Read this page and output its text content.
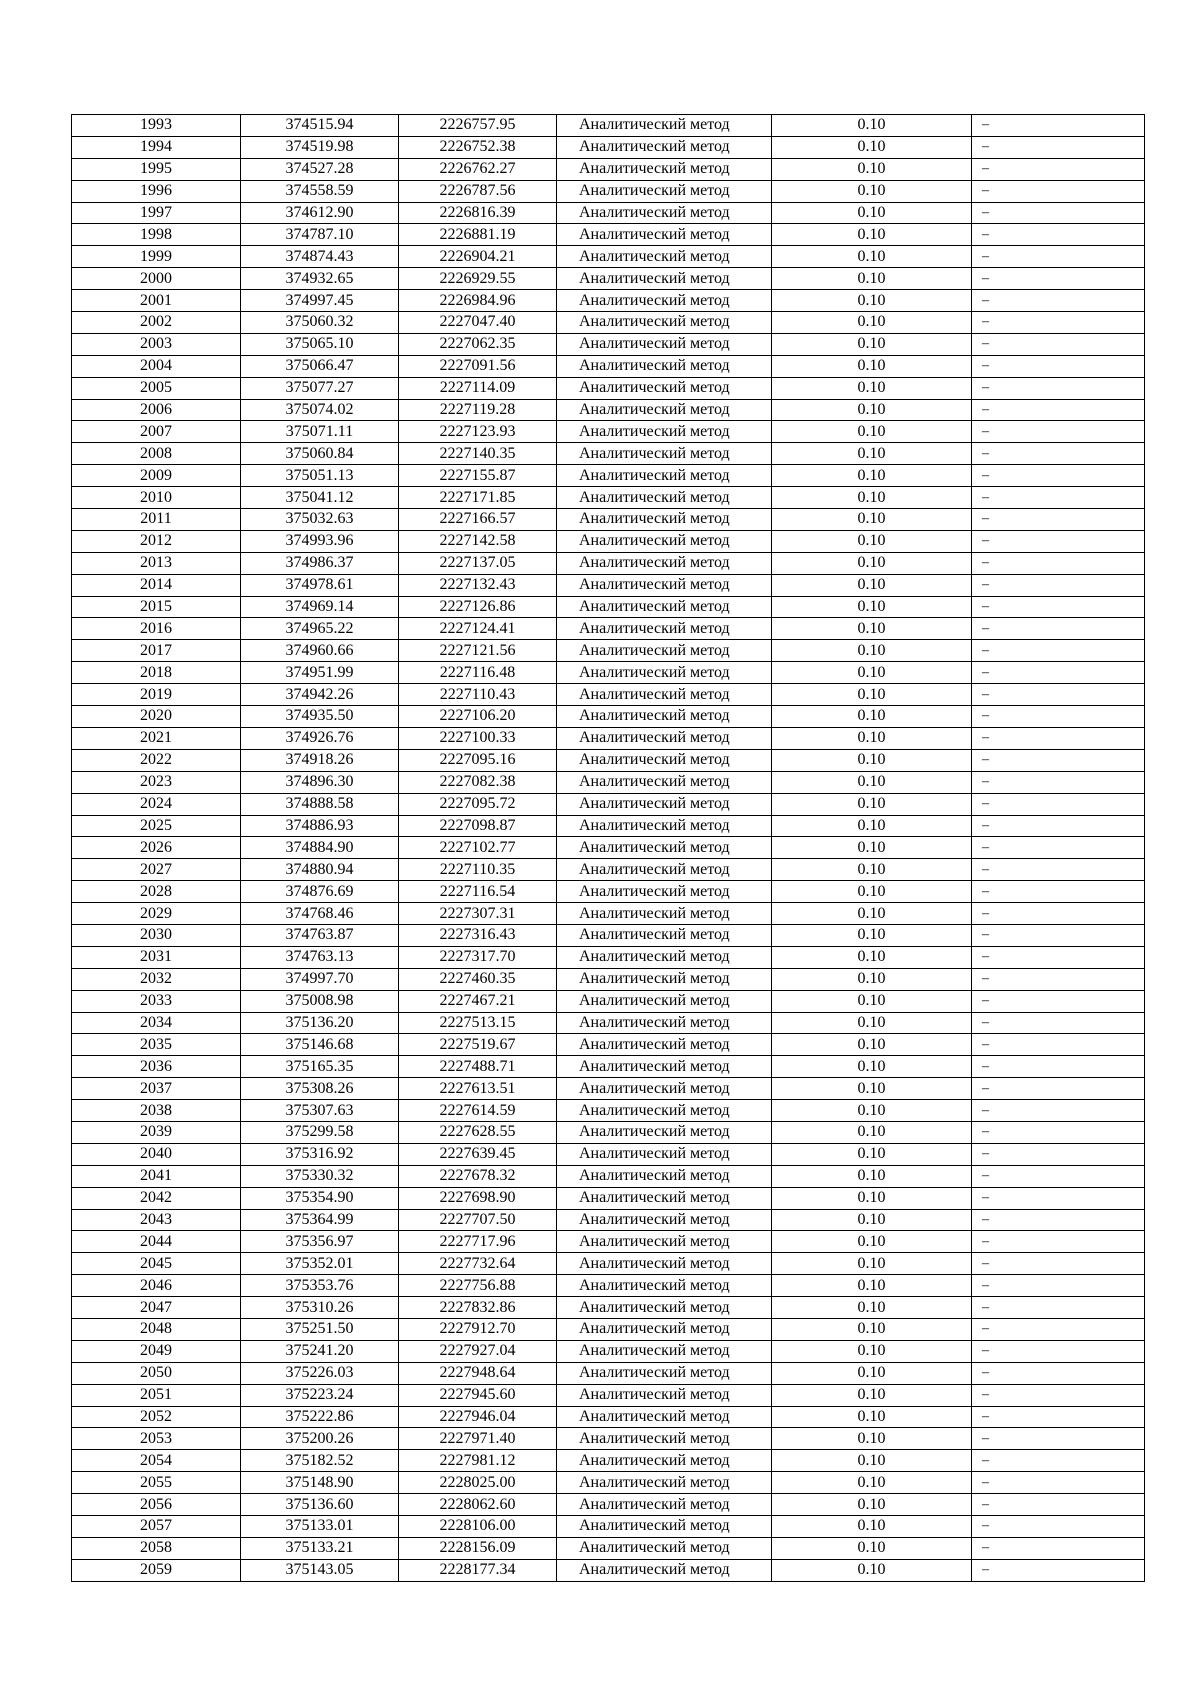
1993	374515.94	2226757.95	Аналитический метод	0.10	–
1994	374519.98	2226752.38	Аналитический метод	0.10	–
1995	374527.28	2226762.27	Аналитический метод	0.10	–
1996	374558.59	2226787.56	Аналитический метод	0.10	–
1997	374612.90	2226816.39	Аналитический метод	0.10	–
1998	374787.10	2226881.19	Аналитический метод	0.10	–
1999	374874.43	2226904.21	Аналитический метод	0.10	–
2000	374932.65	2226929.55	Аналитический метод	0.10	–
2001	374997.45	2226984.96	Аналитический метод	0.10	–
2002	375060.32	2227047.40	Аналитический метод	0.10	–
2003	375065.10	2227062.35	Аналитический метод	0.10	–
2004	375066.47	2227091.56	Аналитический метод	0.10	–
2005	375077.27	2227114.09	Аналитический метод	0.10	–
2006	375074.02	2227119.28	Аналитический метод	0.10	–
2007	375071.11	2227123.93	Аналитический метод	0.10	–
2008	375060.84	2227140.35	Аналитический метод	0.10	–
2009	375051.13	2227155.87	Аналитический метод	0.10	–
2010	375041.12	2227171.85	Аналитический метод	0.10	–
2011	375032.63	2227166.57	Аналитический метод	0.10	–
2012	374993.96	2227142.58	Аналитический метод	0.10	–
2013	374986.37	2227137.05	Аналитический метод	0.10	–
2014	374978.61	2227132.43	Аналитический метод	0.10	–
2015	374969.14	2227126.86	Аналитический метод	0.10	–
2016	374965.22	2227124.41	Аналитический метод	0.10	–
2017	374960.66	2227121.56	Аналитический метод	0.10	–
2018	374951.99	2227116.48	Аналитический метод	0.10	–
2019	374942.26	2227110.43	Аналитический метод	0.10	–
2020	374935.50	2227106.20	Аналитический метод	0.10	–
2021	374926.76	2227100.33	Аналитический метод	0.10	–
2022	374918.26	2227095.16	Аналитический метод	0.10	–
2023	374896.30	2227082.38	Аналитический метод	0.10	–
2024	374888.58	2227095.72	Аналитический метод	0.10	–
2025	374886.93	2227098.87	Аналитический метод	0.10	–
2026	374884.90	2227102.77	Аналитический метод	0.10	–
2027	374880.94	2227110.35	Аналитический метод	0.10	–
2028	374876.69	2227116.54	Аналитический метод	0.10	–
2029	374768.46	2227307.31	Аналитический метод	0.10	–
2030	374763.87	2227316.43	Аналитический метод	0.10	–
2031	374763.13	2227317.70	Аналитический метод	0.10	–
2032	374997.70	2227460.35	Аналитический метод	0.10	–
2033	375008.98	2227467.21	Аналитический метод	0.10	–
2034	375136.20	2227513.15	Аналитический метод	0.10	–
2035	375146.68	2227519.67	Аналитический метод	0.10	–
2036	375165.35	2227488.71	Аналитический метод	0.10	–
2037	375308.26	2227613.51	Аналитический метод	0.10	–
2038	375307.63	2227614.59	Аналитический метод	0.10	–
2039	375299.58	2227628.55	Аналитический метод	0.10	–
2040	375316.92	2227639.45	Аналитический метод	0.10	–
2041	375330.32	2227678.32	Аналитический метод	0.10	–
2042	375354.90	2227698.90	Аналитический метод	0.10	–
2043	375364.99	2227707.50	Аналитический метод	0.10	–
2044	375356.97	2227717.96	Аналитический метод	0.10	–
2045	375352.01	2227732.64	Аналитический метод	0.10	–
2046	375353.76	2227756.88	Аналитический метод	0.10	–
2047	375310.26	2227832.86	Аналитический метод	0.10	–
2048	375251.50	2227912.70	Аналитический метод	0.10	–
2049	375241.20	2227927.04	Аналитический метод	0.10	–
2050	375226.03	2227948.64	Аналитический метод	0.10	–
2051	375223.24	2227945.60	Аналитический метод	0.10	–
2052	375222.86	2227946.04	Аналитический метод	0.10	–
2053	375200.26	2227971.40	Аналитический метод	0.10	–
2054	375182.52	2227981.12	Аналитический метод	0.10	–
2055	375148.90	2228025.00	Аналитический метод	0.10	–
2056	375136.60	2228062.60	Аналитический метод	0.10	–
2057	375133.01	2228106.00	Аналитический метод	0.10	–
2058	375133.21	2228156.09	Аналитический метод	0.10	–
2059	375143.05	2228177.34	Аналитический метод	0.10	–
